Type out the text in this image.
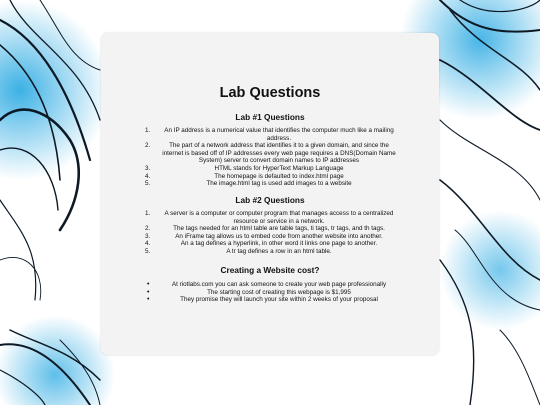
Lab Questions
Lab #1 Questions
1. An IP address is a numerical value that identifies the computer much like a mailing address.
2.	The part of a network address that identifies it to a given domain, and since the internet is based off of IP addresses every web page requires a DNS(Domain Name System) server to convert domain names to IP addresses
3.	HTML stands for HyperText Markup Language
4.	The homepage is defaulted to index.html page
5.	The image.html tag is used add images to a website
Lab #2 Questions
1. A server is a computer or computer program that manages access to a centralized resource or service in a network.
2.	The tags needed for an html table are table tags, ti tags, tr tags, and th tags.
3.	An iFrame tag allows us to embed code from another website into another.
4.	An a tag defines a hyperlink, in other word it links one page to another.
5.	A tr tag defines a row in an html table.
Creating a Website cost?
•	At riotlabs.com you can ask someone to create your web page professionally
•	The starting cost of creating this webpage is $1,995
•	They promise they will launch your site within 2 weeks of your proposal
